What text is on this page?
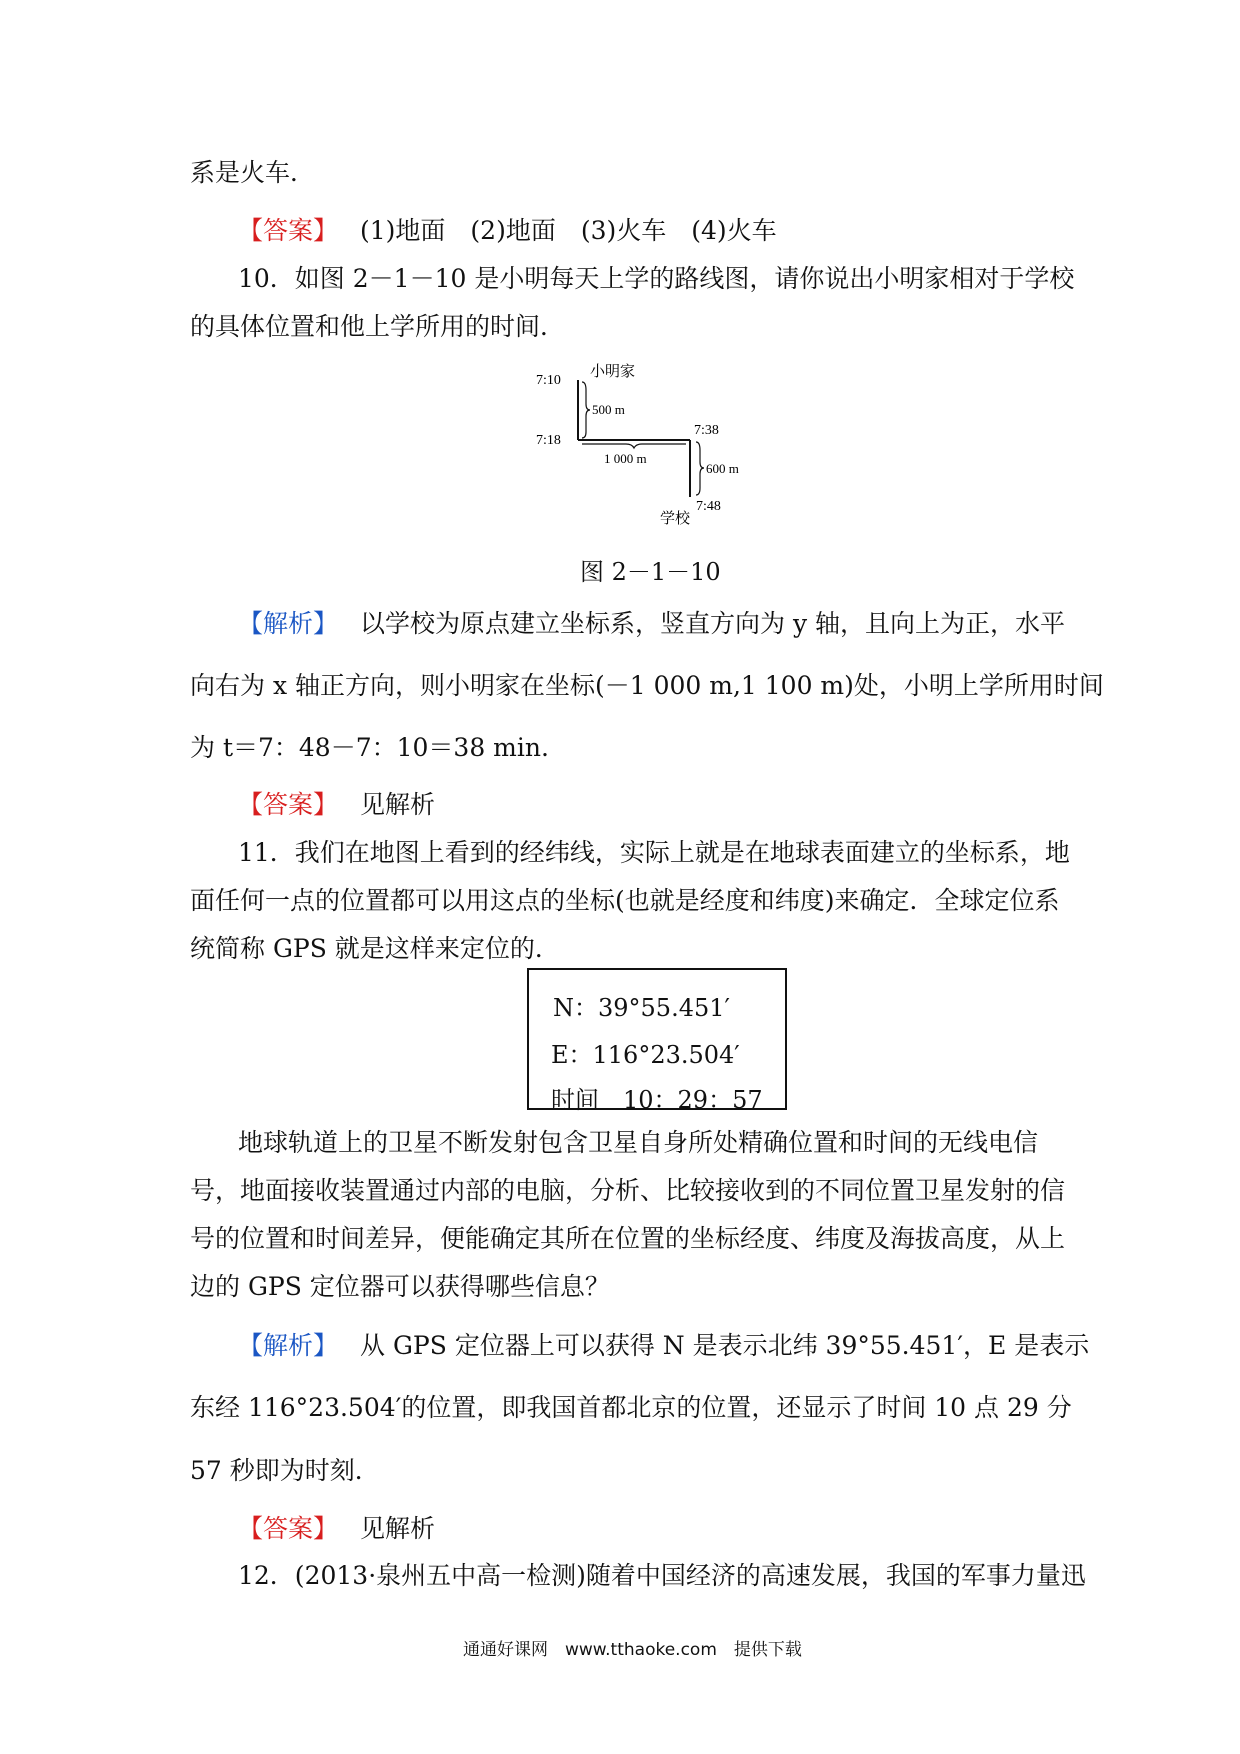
系是火车．
【答案】 (1)地面　(2)地面　(3)火车　(4)火车
10．如图 2－1－10 是小明每天上学的路线图，请你说出小明家相对于学校
的具体位置和他上学所用的时间．
小明家
7:10
500 m
7:18
7:38
1 000 m
600 m
7:48
学校
图 2－1－10
【解析】 以学校为原点建立坐标系，竖直方向为 y 轴，且向上为正，水平
向右为 x 轴正方向，则小明家在坐标(－1 000 m,1 100 m)处，小明上学所用时间
为 t＝7：48－7：10＝38 min.
【答案】 见解析
11．我们在地图上看到的经纬线，实际上就是在地球表面建立的坐标系，地
面任何一点的位置都可以用这点的坐标(也就是经度和纬度)来确定．全球定位系
统简称 GPS 就是这样来定位的．
N：39°55.451′
E：116°23.504′
时间　10：29：57
地球轨道上的卫星不断发射包含卫星自身所处精确位置和时间的无线电信
号，地面接收装置通过内部的电脑，分析、比较接收到的不同位置卫星发射的信
号的位置和时间差异，便能确定其所在位置的坐标经度、纬度及海拔高度，从上
边的 GPS 定位器可以获得哪些信息？
【解析】 从 GPS 定位器上可以获得 N 是表示北纬 39°55.451′，E 是表示
东经 116°23.504′的位置，即我国首都北京的位置，还显示了时间 10 点 29 分
57 秒即为时刻．
【答案】 见解析
12．(2013·泉州五中高一检测)随着中国经济的高速发展，我国的军事力量迅
通通好课网　www.tthaoke.com　提供下载
